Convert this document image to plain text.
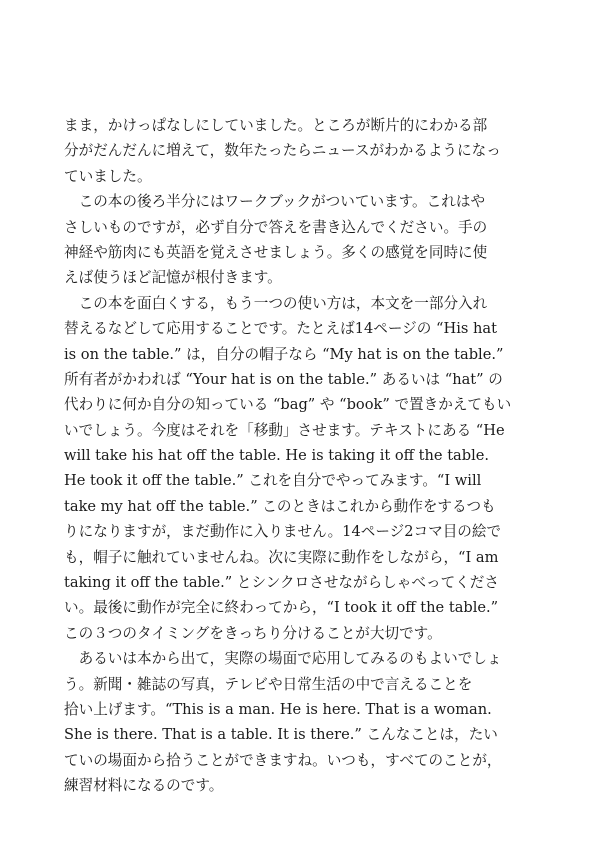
まま，かけっぱなしにしていました。ところが断片的にわかる部
分がだんだんに増えて，数年たったらニュースがわかるようになっ
ていました。
　この本の後ろ半分にはワークブックがついています。これはや
さしいものですが，必ず自分で答えを書き込んでください。手の
神経や筋肉にも英語を覚えさせましょう。多くの感覚を同時に使
えば使うほど記憶が根付きます。
　この本を面白くする，もう一つの使い方は，本文を一部分入れ
替えるなどして応用することです。たとえば14ページの “His hat
is on the table.” は，自分の帽子なら “My hat is on the table.”
所有者がかわれば “Your hat is on the table.” あるいは “hat” の
代わりに何か自分の知っている “bag” や “book” で置きかえてもい
いでしょう。今度はそれを「移動」させます。テキストにある “He
will take his hat off the table. He is taking it off the table.
He took it off the table.” これを自分でやってみます。“I will
take my hat off the table.” このときはこれから動作をするつも
りになりますが，まだ動作に入りません。14ページ2コマ目の絵で
も，帽子に触れていませんね。次に実際に動作をしながら，“I am
taking it off the table.” とシンクロさせながらしゃべってくださ
い。最後に動作が完全に終わってから，“I took it off the table.”
この３つのタイミングをきっちり分けることが大切です。
　あるいは本から出て，実際の場面で応用してみるのもよいでしょ
う。新聞・雑誌の写真，テレビや日常生活の中で言えることを
拾い上げます。“This is a man. He is here. That is a woman.
She is there. That is a table. It is there.” こんなことは，たい
ていの場面から拾うことができますね。いつも，すべてのことが，
練習材料になるのです。
